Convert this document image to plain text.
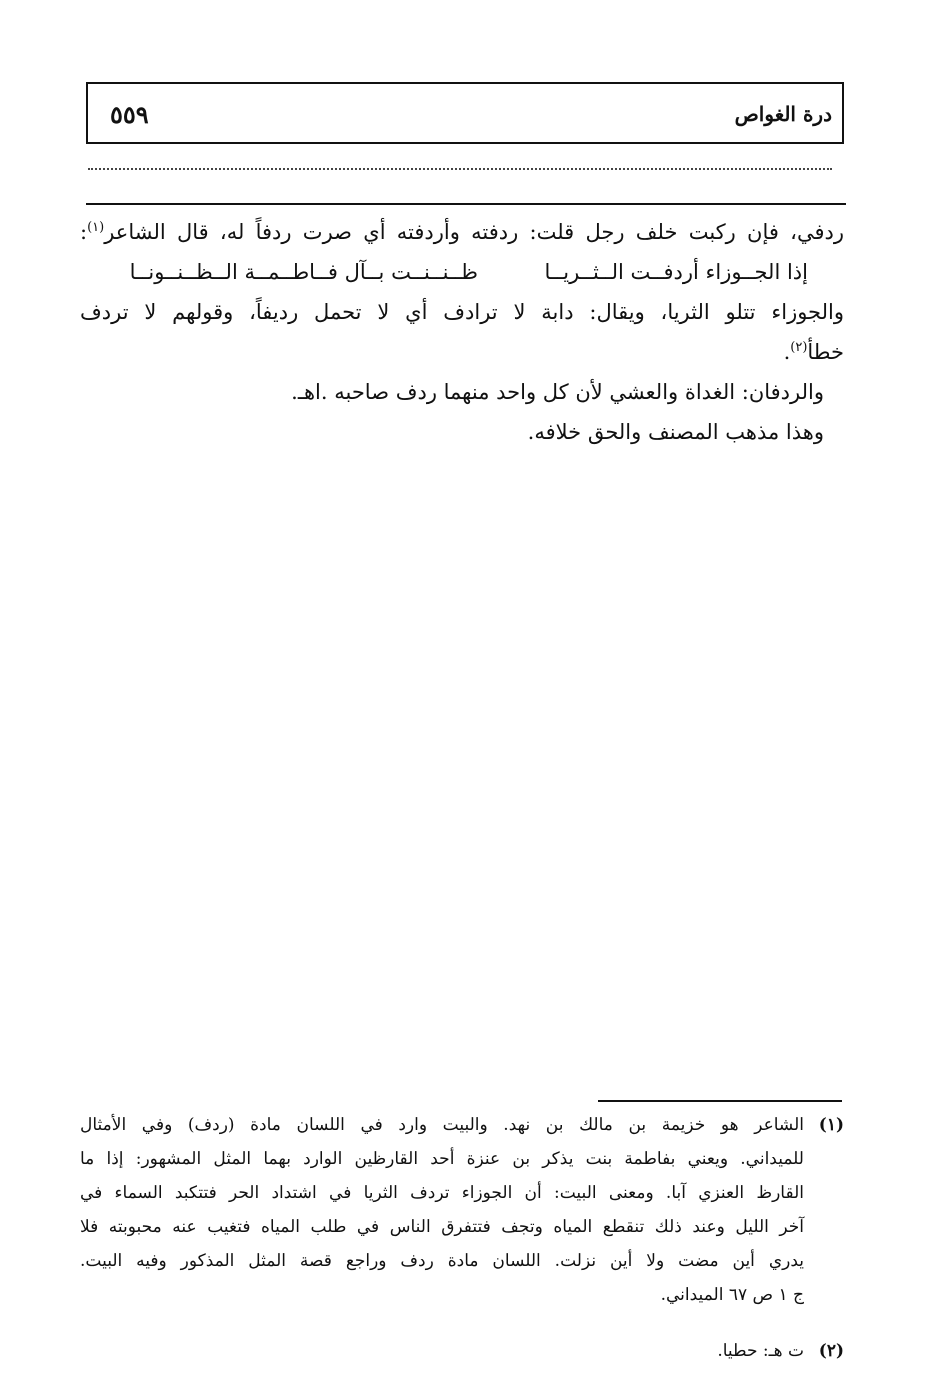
٥٥٩	درة الغواص
ردفي، فإن ركبت خلف رجل قلت: ردفته وأردفته أي صرت ردفاً له، قال الشاعر$^{(١)}$:
إذا الجــوزاء أردفــت الــثــريــا
ظــنــنــت بــآل فــاطــمــة الــظــنــونــا
والجوزاء تتلو الثريا، ويقال: دابة لا ترادف أي لا تحمل رديفاً، وقولهم لا تردف
خطأ$^{(٢)}$.
والردفان: الغداة والعشي لأن كل واحد منهما ردف صاحبه .اهـ.
وهذا مذهب المصنف والحق خلافه.
(١)
الشاعر هو خزيمة بن مالك بن نهد. والبيت وارد في اللسان مادة (ردف) وفي الأمثال
للميداني. ويعني بفاطمة بنت يذكر بن عنزة أحد القارظين الوارد بهما المثل المشهور: إذا ما
القارظ العنزي آبا. ومعنى البيت: أن الجوزاء تردف الثريا في اشتداد الحر فتتكبد السماء في
آخر الليل وعند ذلك تنقطع المياه وتجف فتتفرق الناس في طلب المياه فتغيب عنه محبوبته فلا
يدري أين مضت ولا أين نزلت. اللسان مادة ردف وراجع قصة المثل المذكور وفيه البيت.
ج ١ ص ٦٧ الميداني.
(٢)
ت هـ: حطيا.
